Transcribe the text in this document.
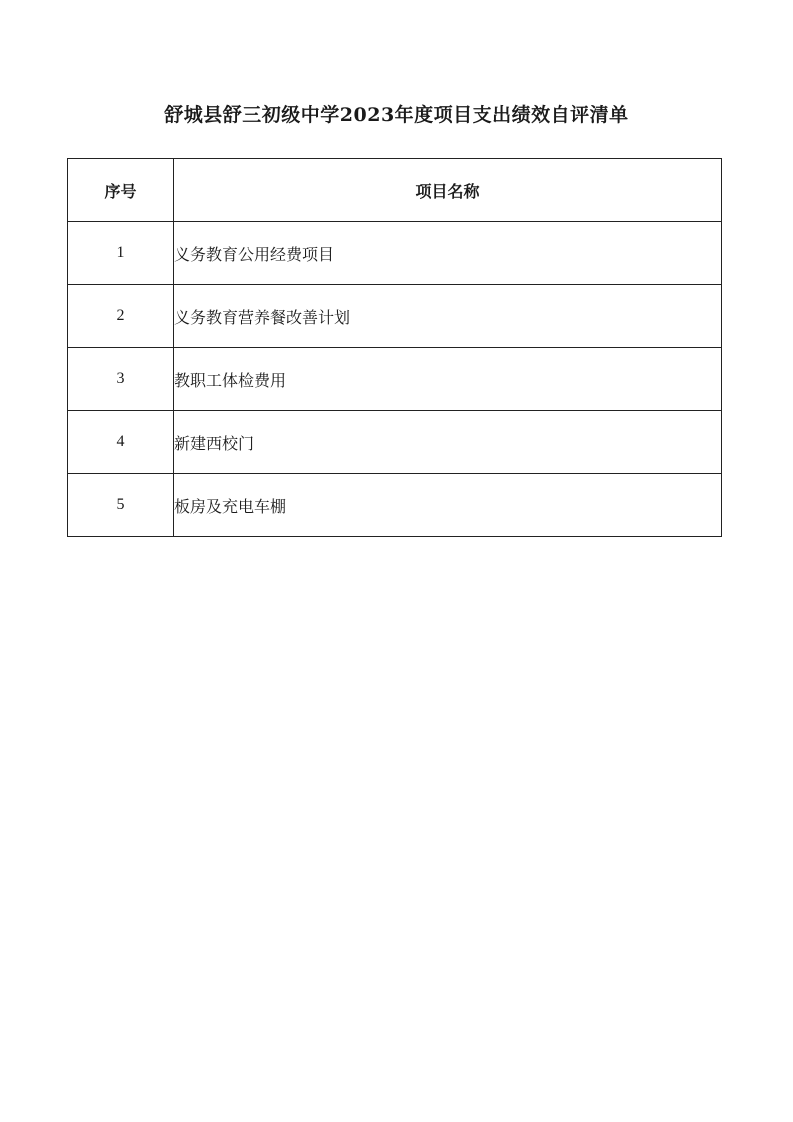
舒城县舒三初级中学2023年度项目支出绩效自评清单
序号	项目名称
1	义务教育公用经费项目
2	义务教育营养餐改善计划
3	教职工体检费用
4	新建西校门
5	板房及充电车棚
